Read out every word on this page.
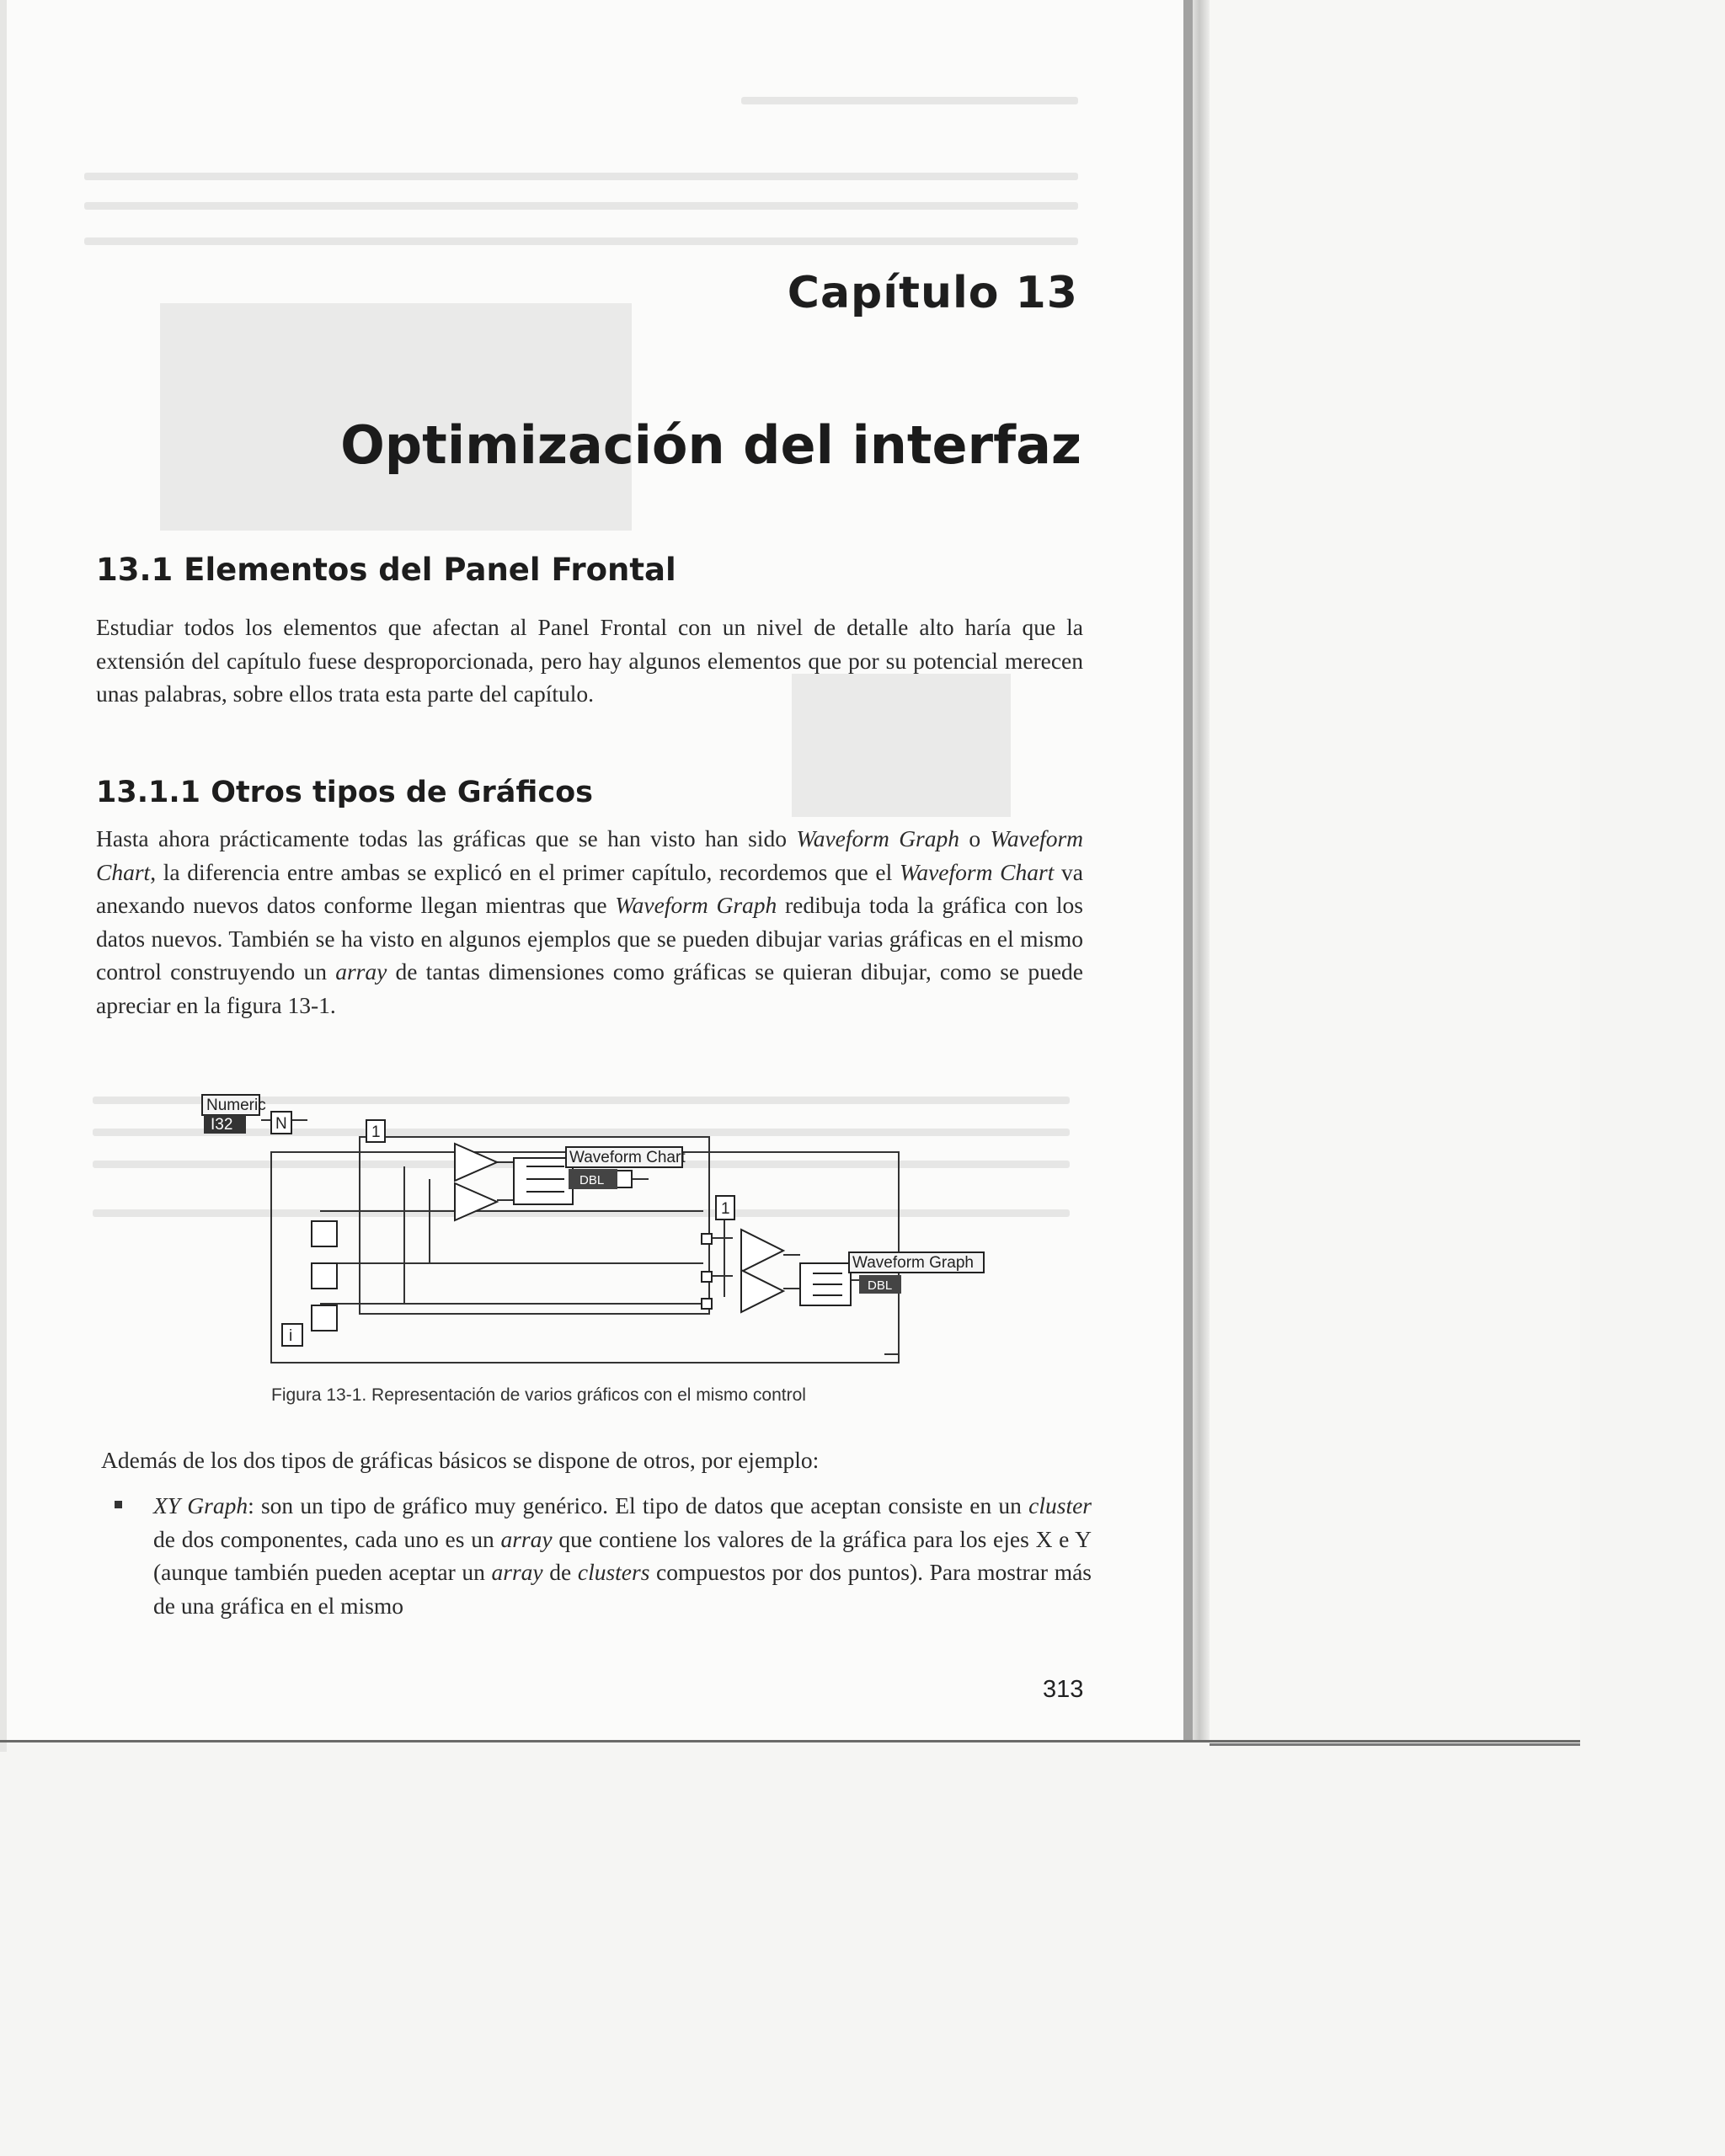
Capítulo 13
Optimización del interfaz
13.1 Elementos del Panel Frontal
Estudiar todos los elementos que afectan al Panel Frontal con un nivel de detalle alto haría que la extensión del capítulo fuese desproporcionada, pero hay algunos elementos que por su potencial merecen unas palabras, sobre ellos trata esta parte del capítulo.
13.1.1 Otros tipos de Gráficos
Hasta ahora prácticamente todas las gráficas que se han visto han sido Waveform Graph o Waveform Chart, la diferencia entre ambas se explicó en el primer capítulo, recordemos que el Waveform Chart va anexando nuevos datos conforme llegan mientras que Waveform Graph redibuja toda la gráfica con los datos nuevos. También se ha visto en algunos ejemplos que se pueden dibujar varias gráficas en el mismo control construyendo un array de tantas dimensiones como gráficas se quieran dibujar, como se puede apreciar en la figura 13-1.
Numeric
I32	N	1
Waveform Chart
DBL
1
Waveform Graph
DBL
i
Figura 13-1. Representación de varios gráficos con el mismo control
Además de los dos tipos de gráficas básicos se dispone de otros, por ejemplo:
XY Graph: son un tipo de gráfico muy genérico. El tipo de datos que aceptan consiste en un cluster de dos componentes, cada uno es un array que contiene los valores de la gráfica para los ejes X e Y (aunque también pueden aceptar un array de clusters compuestos por dos puntos). Para mostrar más de una gráfica en el mismo
313
